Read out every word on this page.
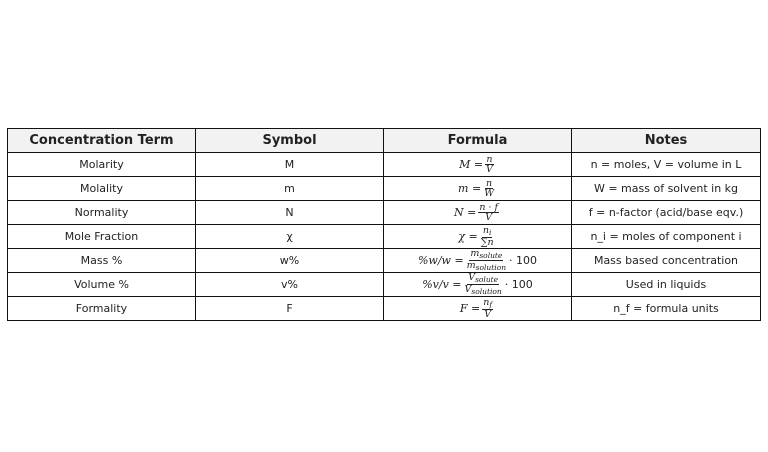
Concentration Term	Symbol	Formula	Notes
Molarity	M	$M = \frac{n}{V}$	n = moles, V = volume in L
Molality	m	$m = \frac{n}{W}$	W = mass of solvent in kg
Normality	N	$N = \frac{n \cdot f}{V}$	f = n-factor (acid/base eqv.)
Mole Fraction	χ	$\chi = \frac{n_i}{\sum n}$	n_i = moles of component i
Mass %	w%	$\%w/w = \frac{m_{solute}}{m_{solution}} \cdot 100$	Mass based concentration
Volume %	v%	$\%v/v = \frac{V_{solute}}{V_{solution}} \cdot 100$	Used in liquids
Formality	F	$F = \frac{n_f}{V}$	n_f = formula units
